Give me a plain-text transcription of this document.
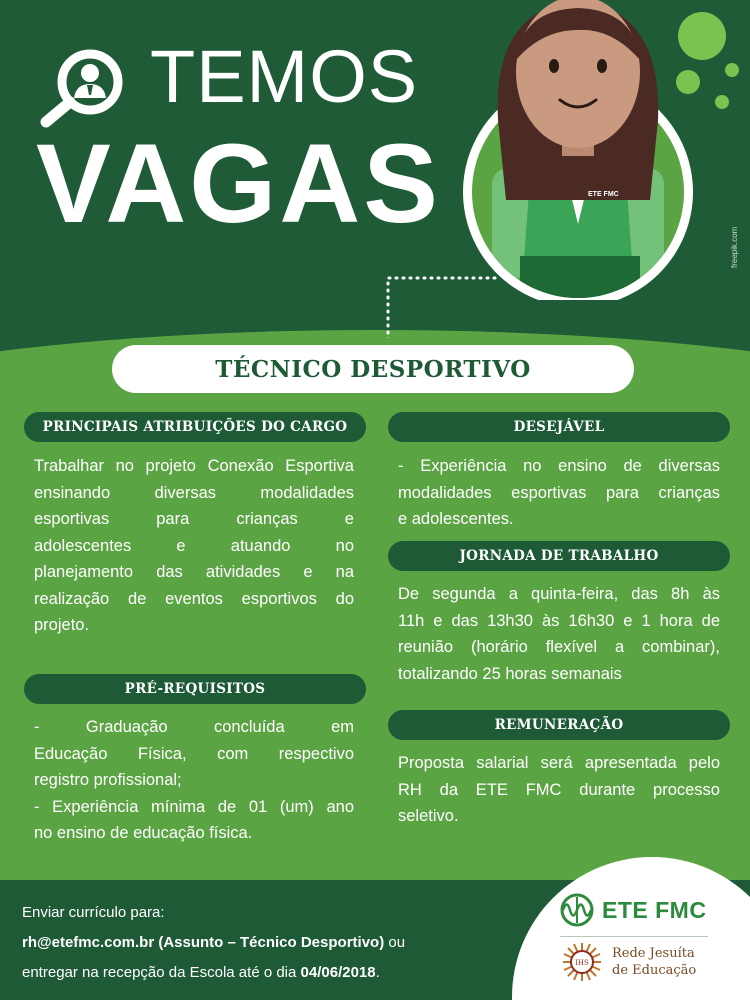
TEMOS
VAGAS
freepik.com
ETE FMC
TÉCNICO DESPORTIVO
PRINCIPAIS ATRIBUIÇÕES DO CARGO
Trabalhar no projeto Conexão Esportiva
ensinando diversas modalidades
esportivas para crianças e
adolescentes e atuando no
planejamento das atividades e na
realização de eventos esportivos do
projeto.
PRÉ-REQUISITOS
- Graduação concluída em
Educação Física, com respectivo
registro profissional;
- Experiência mínima de 01 (um) ano
no ensino de educação física.
DESEJÁVEL
- Experiência no ensino de diversas
modalidades esportivas para crianças
e adolescentes.
JORNADA DE TRABALHO
De segunda a quinta-feira, das 8h às
11h e das 13h30 às 16h30 e 1 hora de
reunião (horário flexível a combinar),
totalizando 25 horas semanais
REMUNERAÇÃO
Proposta salarial será apresentada pelo
RH da ETE FMC durante processo
seletivo.
Enviar currículo para:
rh@etefmc.com.br (Assunto – Técnico Desportivo) ou
entregar na recepção da Escola até o dia 04/06/2018.
ETE FMC
IHS
Rede Jesuíta
de Educação
